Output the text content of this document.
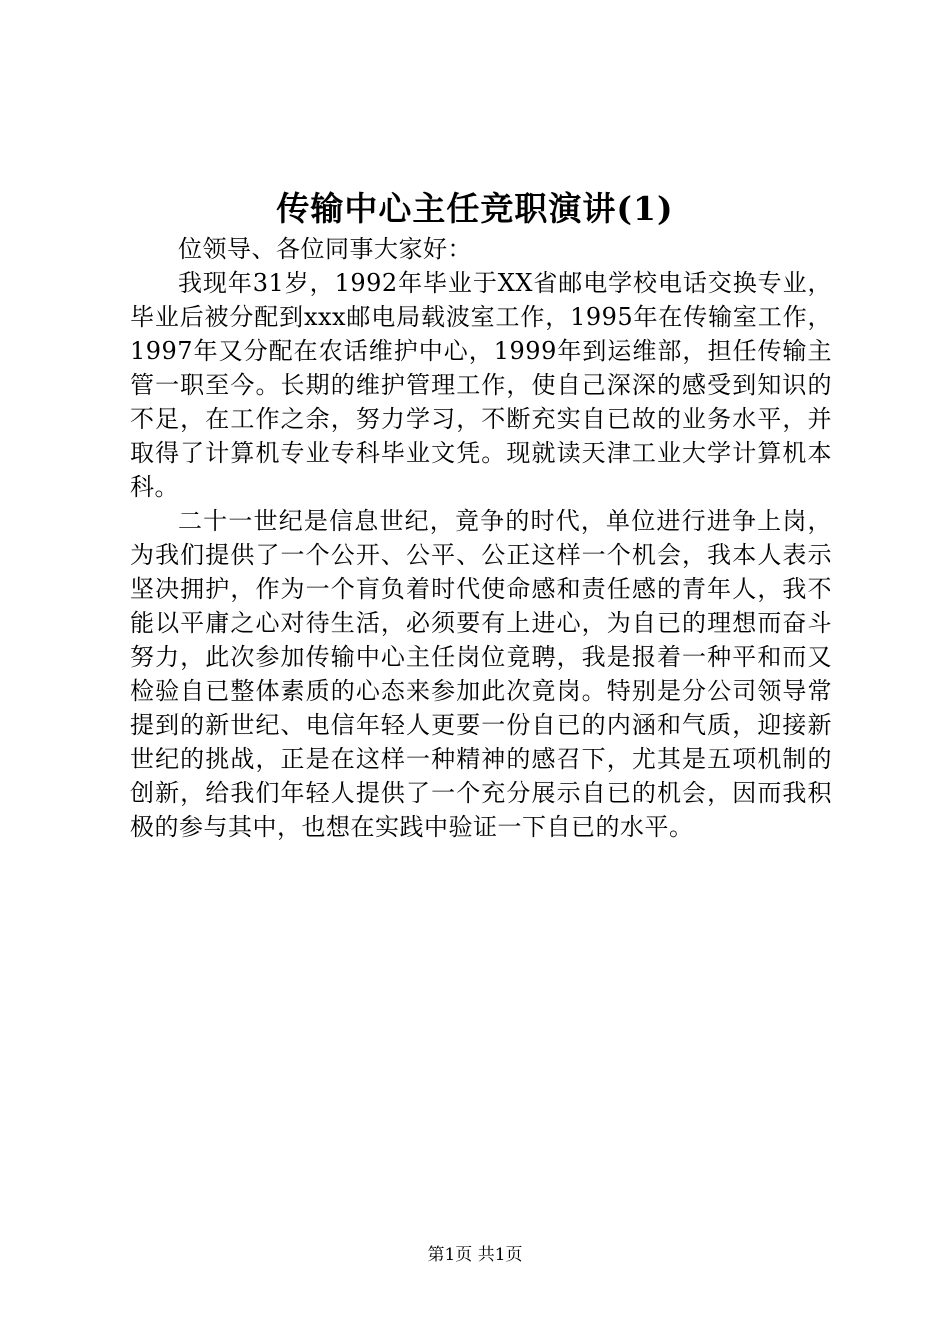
传输中心主任竞职演讲(1)

位领导、各位同事大家好：

我现年31岁，1992年毕业于XX省邮电学校电话交换专业，毕业后被分配到xxx邮电局载波室工作，1995年在传输室工作，1997年又分配在农话维护中心，1999年到运维部，担任传输主管一职至今。长期的维护管理工作，使自己深深的感受到知识的不足，在工作之余，努力学习，不断充实自已故的业务水平，并取得了计算机专业专科毕业文凭。现就读天津工业大学计算机本科。

二十一世纪是信息世纪，竟争的时代，单位进行进争上岗，为我们提供了一个公开、公平、公正这样一个机会，我本人表示坚决拥护，作为一个肓负着时代使命感和责任感的青年人，我不能以平庸之心对待生活，必须要有上进心，为自已的理想而奋斗努力，此次参加传输中心主任岗位竟聘，我是报着一种平和而又检验自已整体素质的心态来参加此次竟岗。特别是分公司领导常提到的新世纪、电信年轻人更要一份自已的内涵和气质，迎接新世纪的挑战，正是在这样一种精神的感召下，尤其是五项机制的创新，给我们年轻人提供了一个充分展示自已的机会，因而我积极的参与其中，也想在实践中验证一下自已的水平。

第1页 共1页
